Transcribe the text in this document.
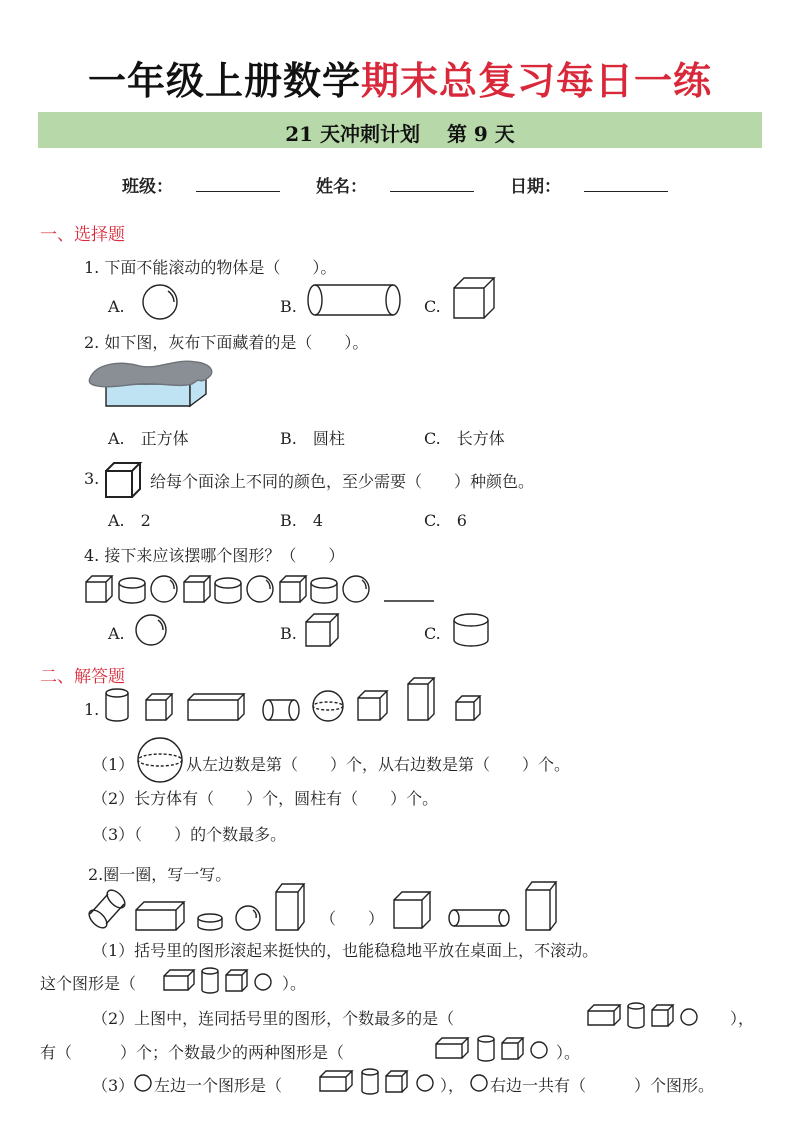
一年级上册数学期末总复习每日一练
21 天冲刺计划　 第 9 天
班级：	姓名：	日期：
一、选择题
1. 下面不能滚动的物体是（　　）。
A.	B.	C.
2. 如下图，灰布下面藏着的是（　　）。
A.　正方体	B.　圆柱	C.　长方体
3.	给每个面涂上不同的颜色，至少需要（　　）种颜色。
A.　2	B.　4	C.　6
4. 接下来应该摆哪个图形？（　　）
A.	B.	C.
二、解答题
1.
（1）	从左边数是第（　　）个，从右边数是第（　　）个。
（2）长方体有（　　）个，圆柱有（　　）个。
（3）（　　）的个数最多。
2.圈一圈，写一写。
（　　）
（1）括号里的图形滚起来挺快的，也能稳稳地平放在桌面上，不滚动。
这个图形是（	）。
（2）上图中，连同括号里的图形，个数最多的是（	），
有（　　　）个；个数最少的两种图形是（	）。
（3） 左边一个图形是（	）， 右边一共有（　　　）个图形。
